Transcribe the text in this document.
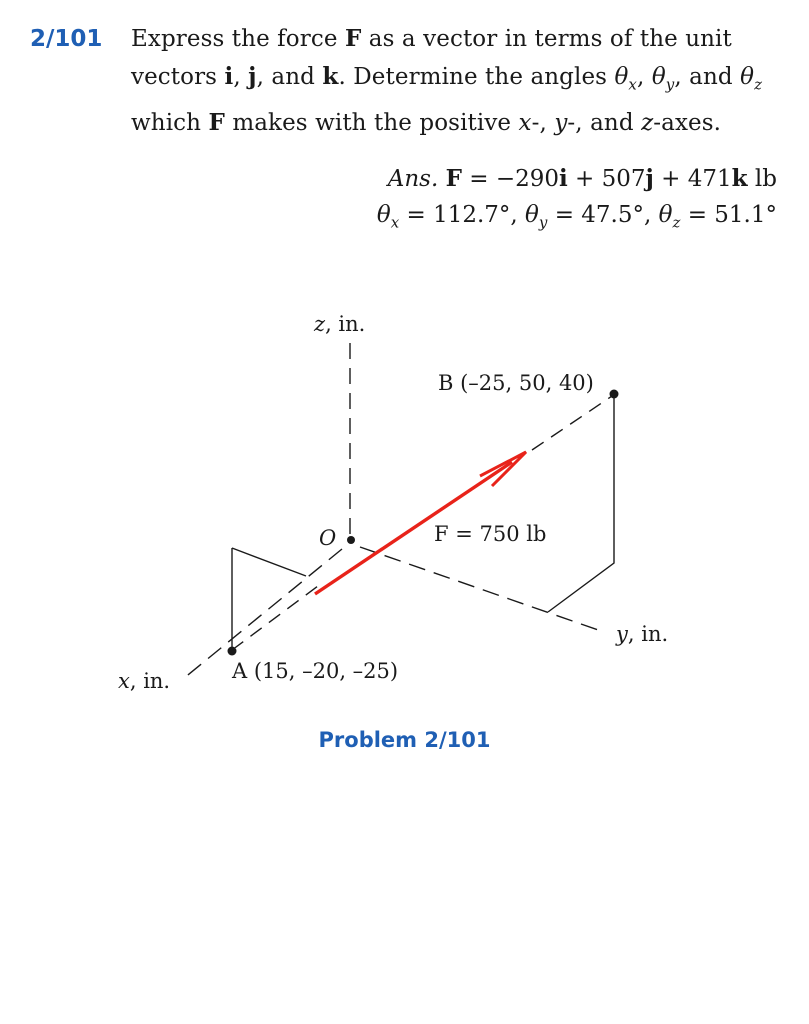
2/101 Express the force F as a vector in terms of the unit vectors i, j, and k. Determine the angles $\theta_x$, $\theta_y$, and $\theta_z$ which F makes with the positive x-, y-, and z-axes.

Ans. F = −290i + 507j + 471k lb

$\theta_x = 112.7^\circ$, $\theta_y = 47.5^\circ$, $\theta_z = 51.1^\circ$

z, in.
y, in.
x, in.
O
B (–25, 50, 40)
A (15, –20, –25)
F = 750 lb
Problem 2/101
